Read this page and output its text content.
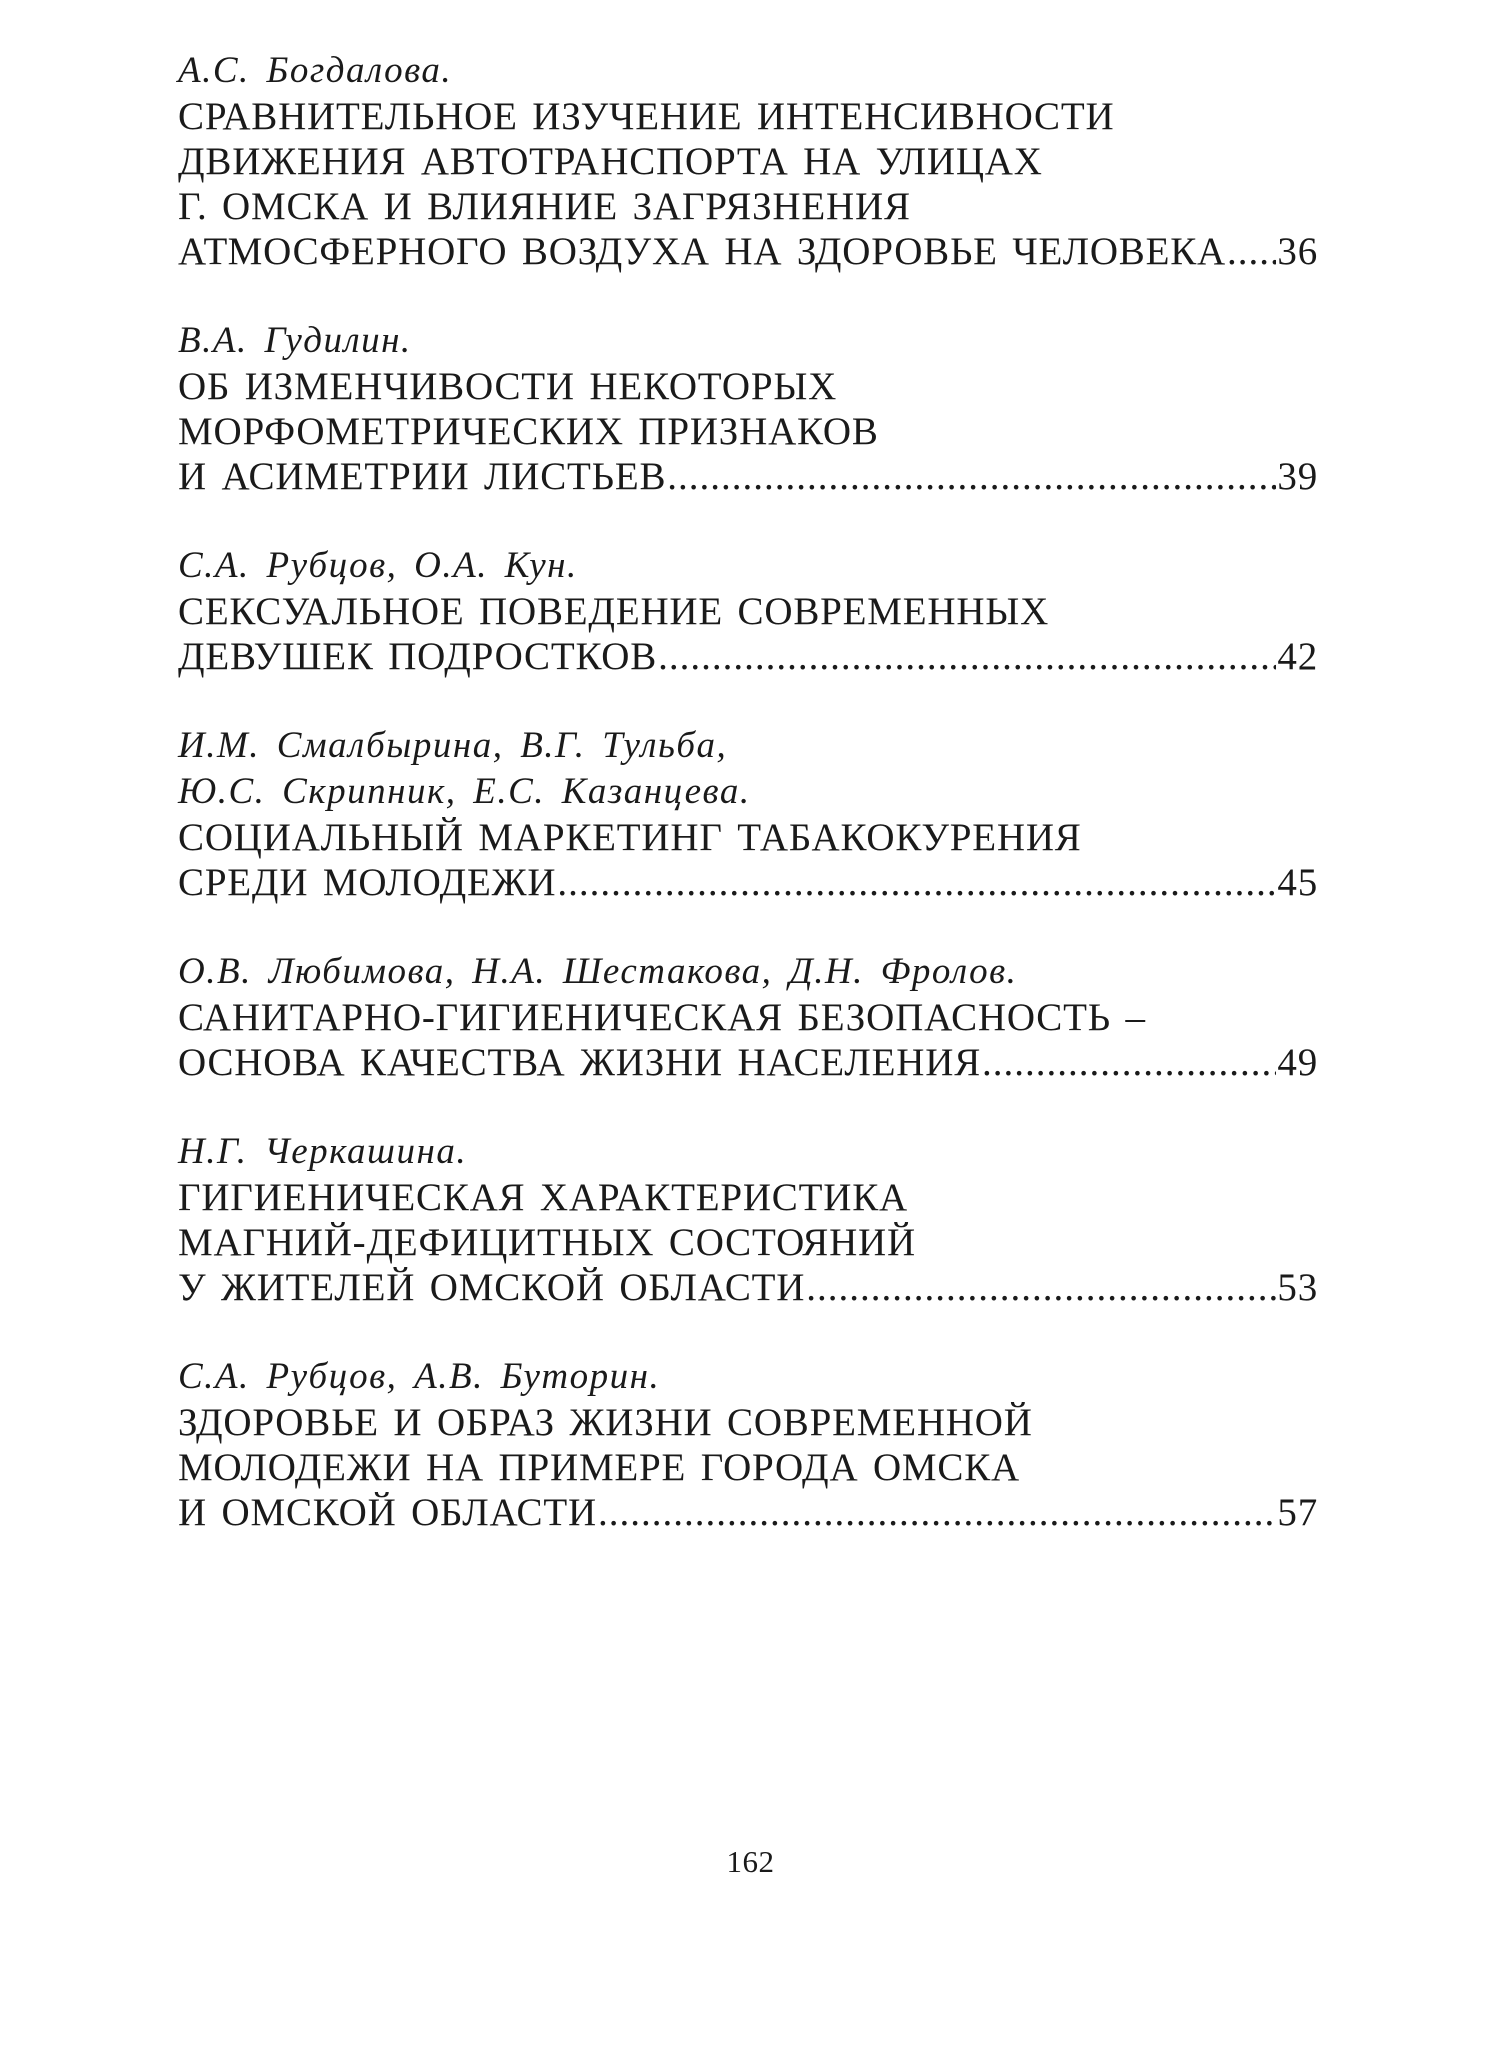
А.С. Богдалова.

СРАВНИТЕЛЬНОЕ ИЗУЧЕНИЕ ИНТЕНСИВНОСТИ

ДВИЖЕНИЯ АВТОТРАНСПОРТА НА УЛИЦАХ

Г. ОМСКА И ВЛИЯНИЕ ЗАГРЯЗНЕНИЯ

АТМОСФЕРНОГО ВОЗДУХА НА ЗДОРОВЬЕ ЧЕЛОВЕКА ..... 36

В.А. Гудилин.

ОБ ИЗМЕНЧИВОСТИ НЕКОТОРЫХ

МОРФОМЕТРИЧЕСКИХ ПРИЗНАКОВ

И АСИМЕТРИИ ЛИСТЬЕВ .....	39

С.А. Рубцов, О.А. Кун.

СЕКСУАЛЬНОЕ ПОВЕДЕНИЕ СОВРЕМЕННЫХ

ДЕВУШЕК ПОДРОСТКОВ .....	42

И.М. Смалбырина, В.Г. Тульба,

Ю.С. Скрипник, Е.С. Казанцева.

СОЦИАЛЬНЫЙ МАРКЕТИНГ ТАБАКОКУРЕНИЯ

СРЕДИ МОЛОДЕЖИ .....	45

О.В. Любимова, Н.А. Шестакова, Д.Н. Фролов.

САНИТАРНО-ГИГИЕНИЧЕСКАЯ БЕЗОПАСНОСТЬ –

ОСНОВА КАЧЕСТВА ЖИЗНИ НАСЕЛЕНИЯ .....	49

Н.Г. Черкашина.

ГИГИЕНИЧЕСКАЯ ХАРАКТЕРИСТИКА

МАГНИЙ-ДЕФИЦИТНЫХ СОСТОЯНИЙ

У ЖИТЕЛЕЙ ОМСКОЙ ОБЛАСТИ .....	53

С.А. Рубцов, А.В. Буторин.

ЗДОРОВЬЕ И ОБРАЗ ЖИЗНИ СОВРЕМЕННОЙ

МОЛОДЕЖИ НА ПРИМЕРЕ ГОРОДА ОМСКА

И ОМСКОЙ ОБЛАСТИ .....	57
162
